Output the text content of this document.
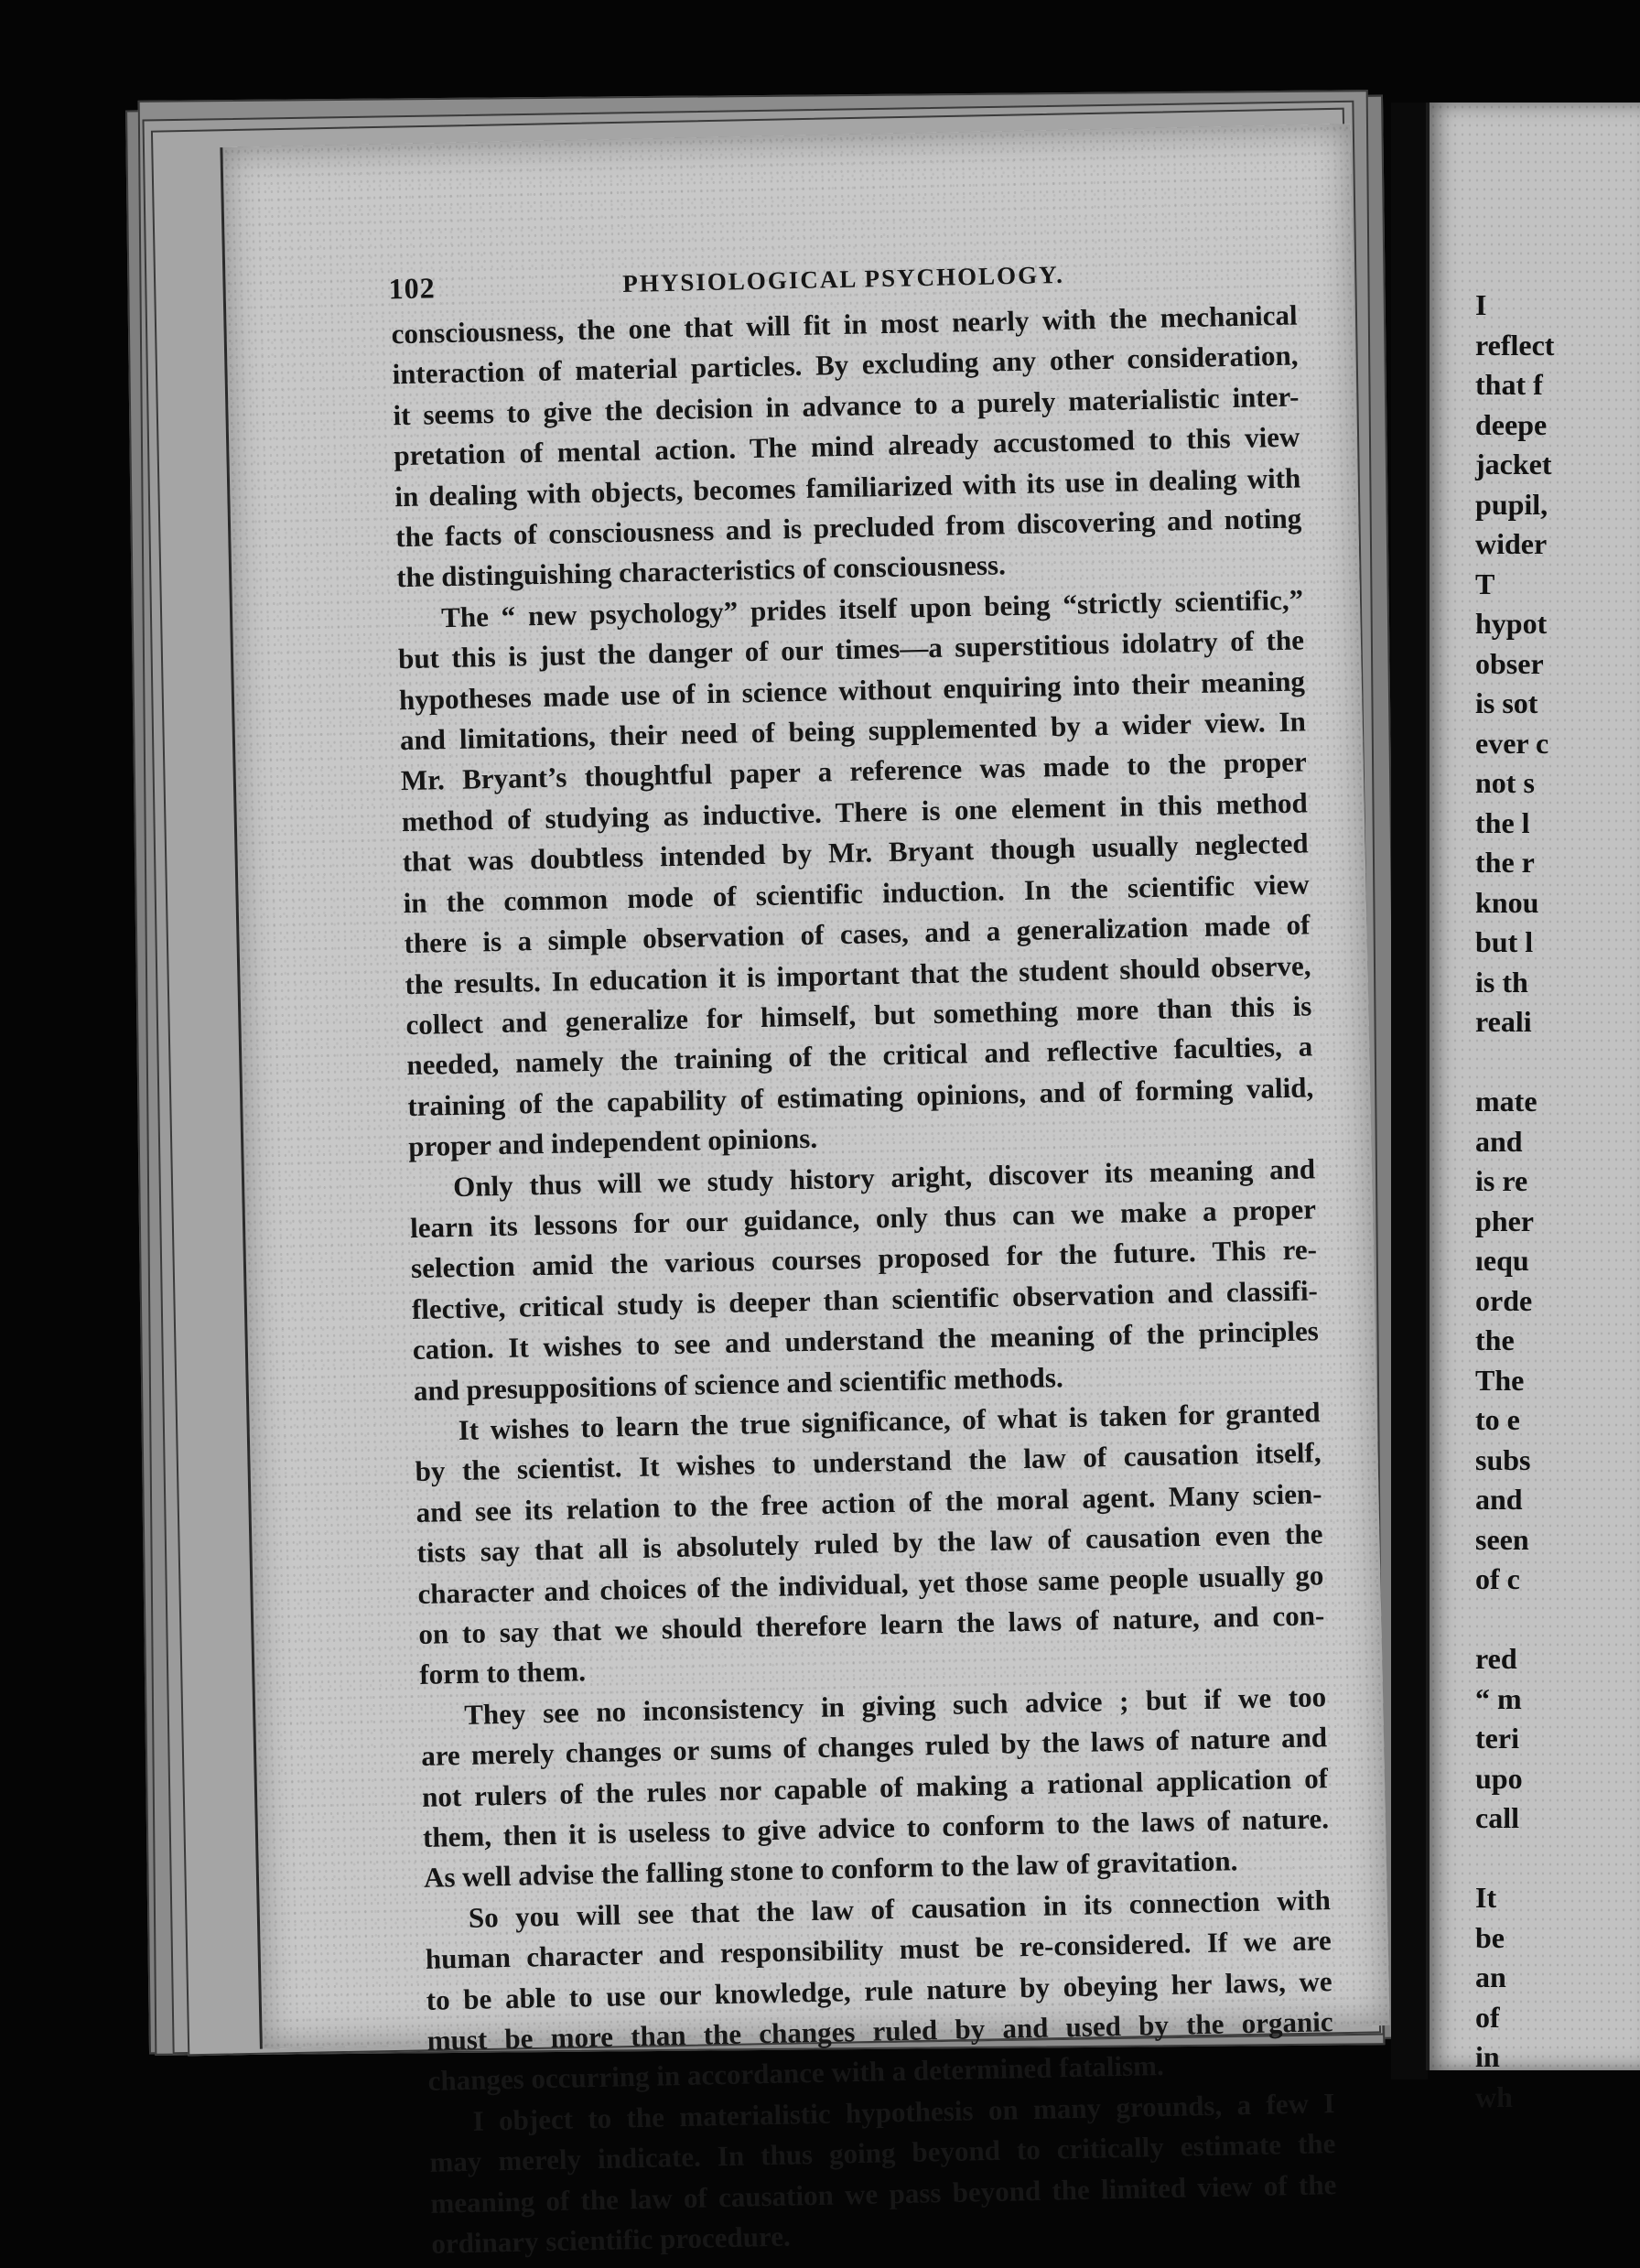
102	PHYSIOLOGICAL PSYCHOLOGY.
consciousness, the one that will fit in most nearly with the mechanical
interaction of material particles. By excluding any other consideration,
it seems to give the decision in advance to a purely materialistic inter-
pretation of mental action. The mind already accustomed to this view
in dealing with objects, becomes familiarized with its use in dealing with
the facts of consciousness and is precluded from discovering and noting
the distinguishing characteristics of consciousness.
The “ new psychology” prides itself upon being “strictly scientific,”
but this is just the danger of our times—a superstitious idolatry of the
hypotheses made use of in science without enquiring into their meaning
and limitations, their need of being supplemented by a wider view. In
Mr. Bryant’s thoughtful paper a reference was made to the proper
method of studying as inductive. There is one element in this method
that was doubtless intended by Mr. Bryant though usually neglected
in the common mode of scientific induction. In the scientific view
there is a simple observation of cases, and a generalization made of
the results. In education it is important that the student should observe,
collect and generalize for himself, but something more than this is
needed, namely the training of the critical and reflective faculties, a
training of the capability of estimating opinions, and of forming valid,
proper and independent opinions.
Only thus will we study history aright, discover its meaning and
learn its lessons for our guidance, only thus can we make a proper
selection amid the various courses proposed for the future. This re-
flective, critical study is deeper than scientific observation and classifi-
cation. It wishes to see and understand the meaning of the principles
and presuppositions of science and scientific methods.
It wishes to learn the true significance, of what is taken for granted
by the scientist. It wishes to understand the law of causation itself,
and see its relation to the free action of the moral agent. Many scien-
tists say that all is absolutely ruled by the law of causation even the
character and choices of the individual, yet those same people usually go
on to say that we should therefore learn the laws of nature, and con-
form to them.
They see no inconsistency in giving such advice ; but if we too
are merely changes or sums of changes ruled by the laws of nature and
not rulers of the rules nor capable of making a rational application of
them, then it is useless to give advice to conform to the laws of nature.
As well advise the falling stone to conform to the law of gravitation.
So you will see that the law of causation in its connection with
human character and responsibility must be re-considered. If we are
to be able to use our knowledge, rule nature by obeying her laws, we
must be more than the changes ruled by and used by the organic
changes occurring in accordance with a determined fatalism.
I object to the materialistic hypothesis on many grounds, a few I
may merely indicate. In thus going beyond to critically estimate the
meaning of the law of causation we pass beyond the limited view of the
ordinary scientific procedure.
I
reflect
that f
deepe
jacket
pupil,
wider
T
hypot
obser
is sot
ever c
not s
the l
the r
knou
but l
is th
reali
mate
and
is re
pher
ıequ
orde
the
The
to e
subs
and
seen
of c
red
“ m
teri
upo
call
It
be
an
of
in
wh
